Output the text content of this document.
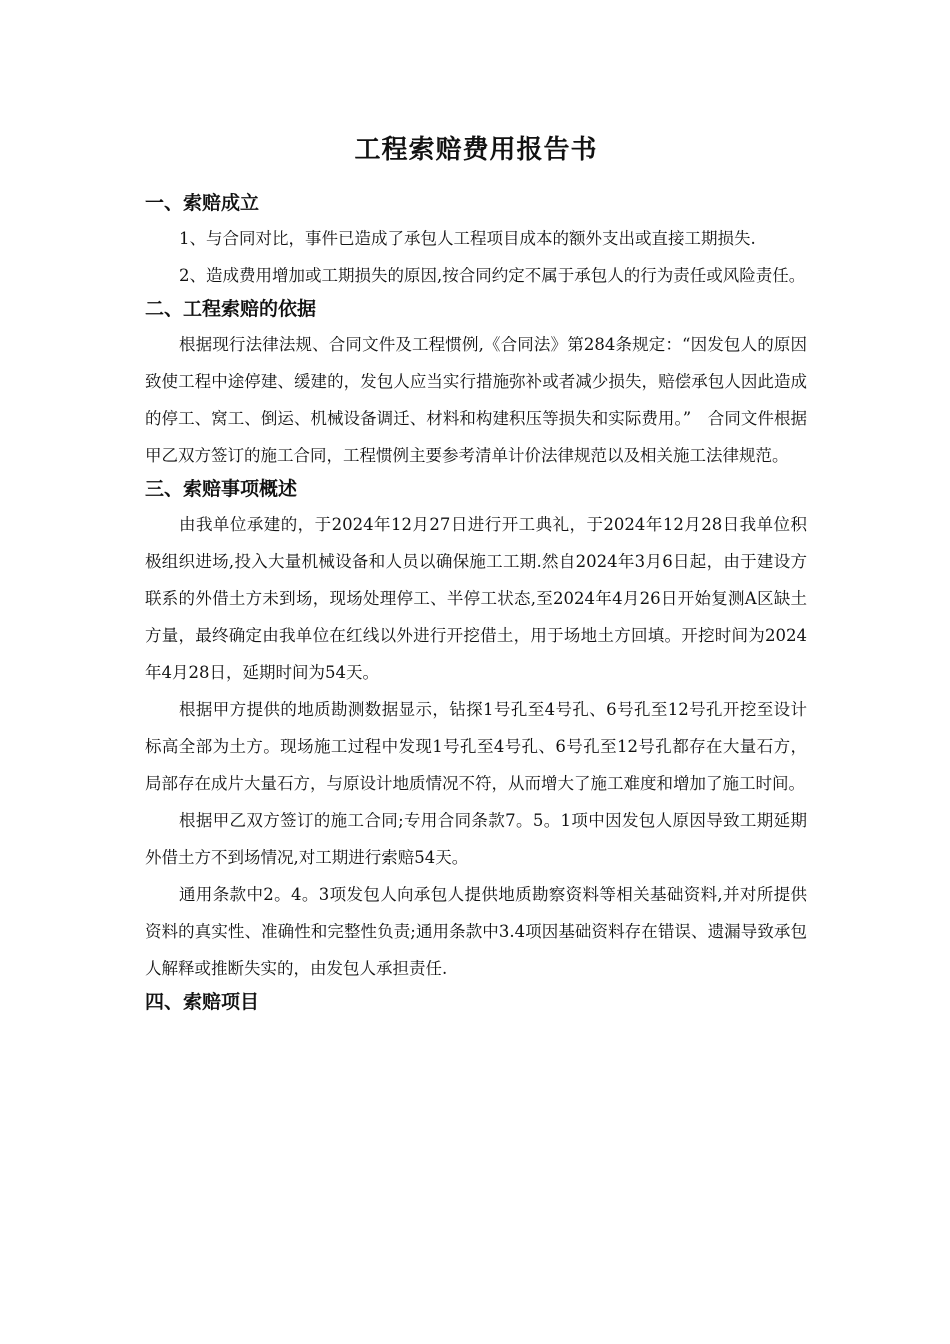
工程索赔费用报告书
一、索赔成立

1、与合同对比，事件已造成了承包人工程项目成本的额外支出或直接工期损失.

2、造成费用增加或工期损失的原因,按合同约定不属于承包人的行为责任或风险责任。

二、工程索赔的依据

根据现行法律法规、合同文件及工程惯例,《合同法》第284条规定：“因发包人的原因致使工程中途停建、缓建的，发包人应当实行措施弥补或者减少损失，赔偿承包人因此造成的停工、窝工、倒运、机械设备调迁、材料和构建积压等损失和实际费用。”　合同文件根据甲乙双方签订的施工合同，工程惯例主要参考清单计价法律规范以及相关施工法律规范。

三、索赔事项概述

由我单位承建的，于2024年12月27日进行开工典礼，于2024年12月28日我单位积极组织进场,投入大量机械设备和人员以确保施工工期.然自2024年3月6日起，由于建设方联系的外借土方未到场，现场处理停工、半停工状态,至2024年4月26日开始复测A区缺土方量，最终确定由我单位在红线以外进行开挖借土，用于场地土方回填。开挖时间为2024年4月28日，延期时间为54天。

根据甲方提供的地质勘测数据显示，钻探1号孔至4号孔、6号孔至12号孔开挖至设计标高全部为土方。现场施工过程中发现1号孔至4号孔、6号孔至12号孔都存在大量石方，局部存在成片大量石方，与原设计地质情况不符，从而增大了施工难度和增加了施工时间。

根据甲乙双方签订的施工合同;专用合同条款7。5。1项中因发包人原因导致工期延期外借土方不到场情况,对工期进行索赔54天。

通用条款中2。4。3项发包人向承包人提供地质勘察资料等相关基础资料,并对所提供资料的真实性、准确性和完整性负责;通用条款中3.4项因基础资料存在错误、遗漏导致承包人解释或推断失实的，由发包人承担责任.

四、索赔项目
